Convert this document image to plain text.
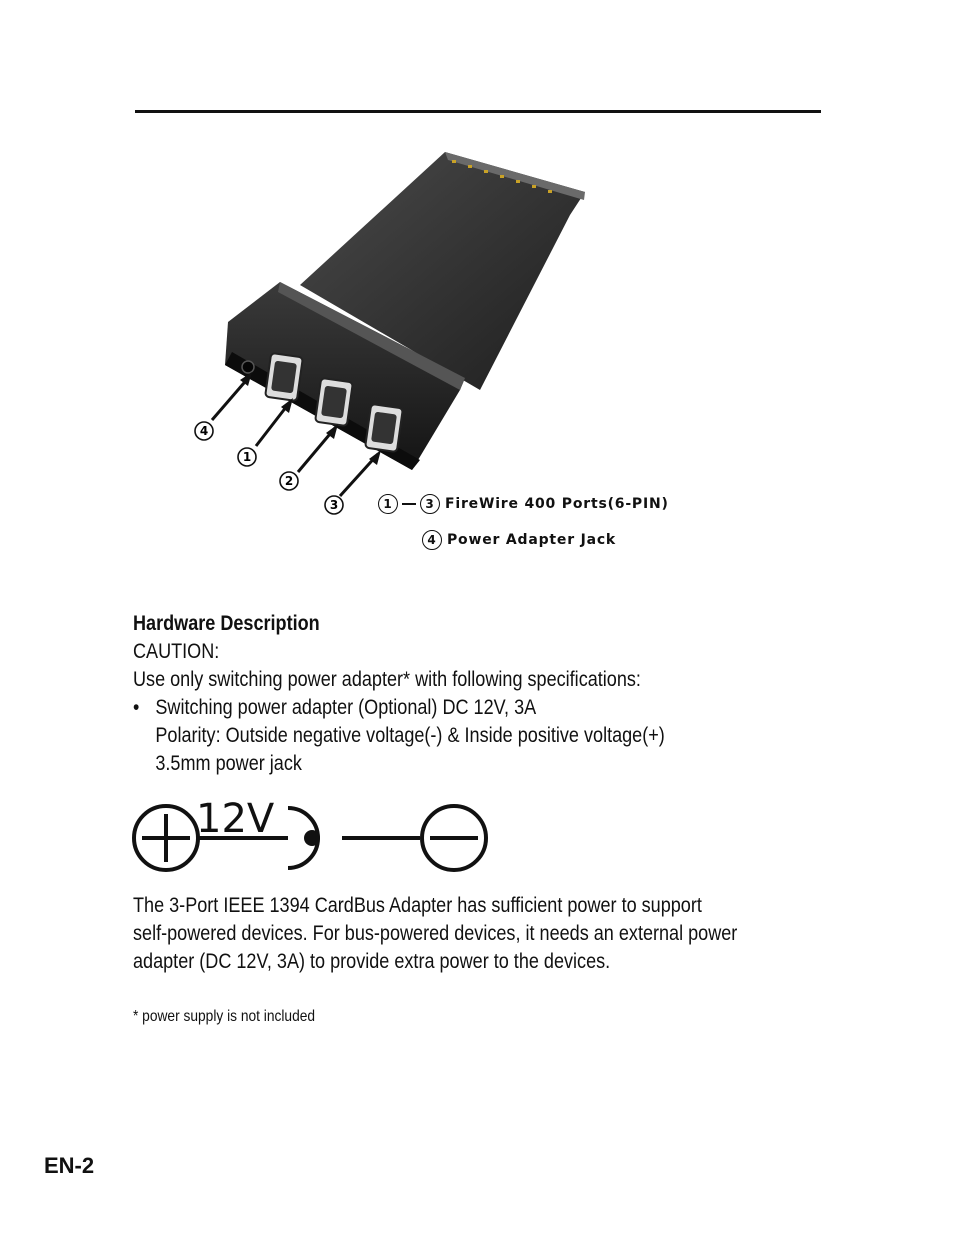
4
1
2
3	1	3 FireWire 400 Ports(6-PIN)
4 Power Adapter Jack
Hardware Description
CAUTION:
Use only switching power adapter* with following specifications:
• Switching power adapter (Optional) DC 12V, 3A
Polarity: Outside negative voltage(-) & Inside positive voltage(+)
3.5mm power jack
12V
The 3-Port IEEE 1394 CardBus Adapter has sufficient power to support
self-powered devices. For bus-powered devices, it needs an external power
adapter (DC 12V, 3A) to provide extra power to the devices.
* power supply is not included
EN-2
